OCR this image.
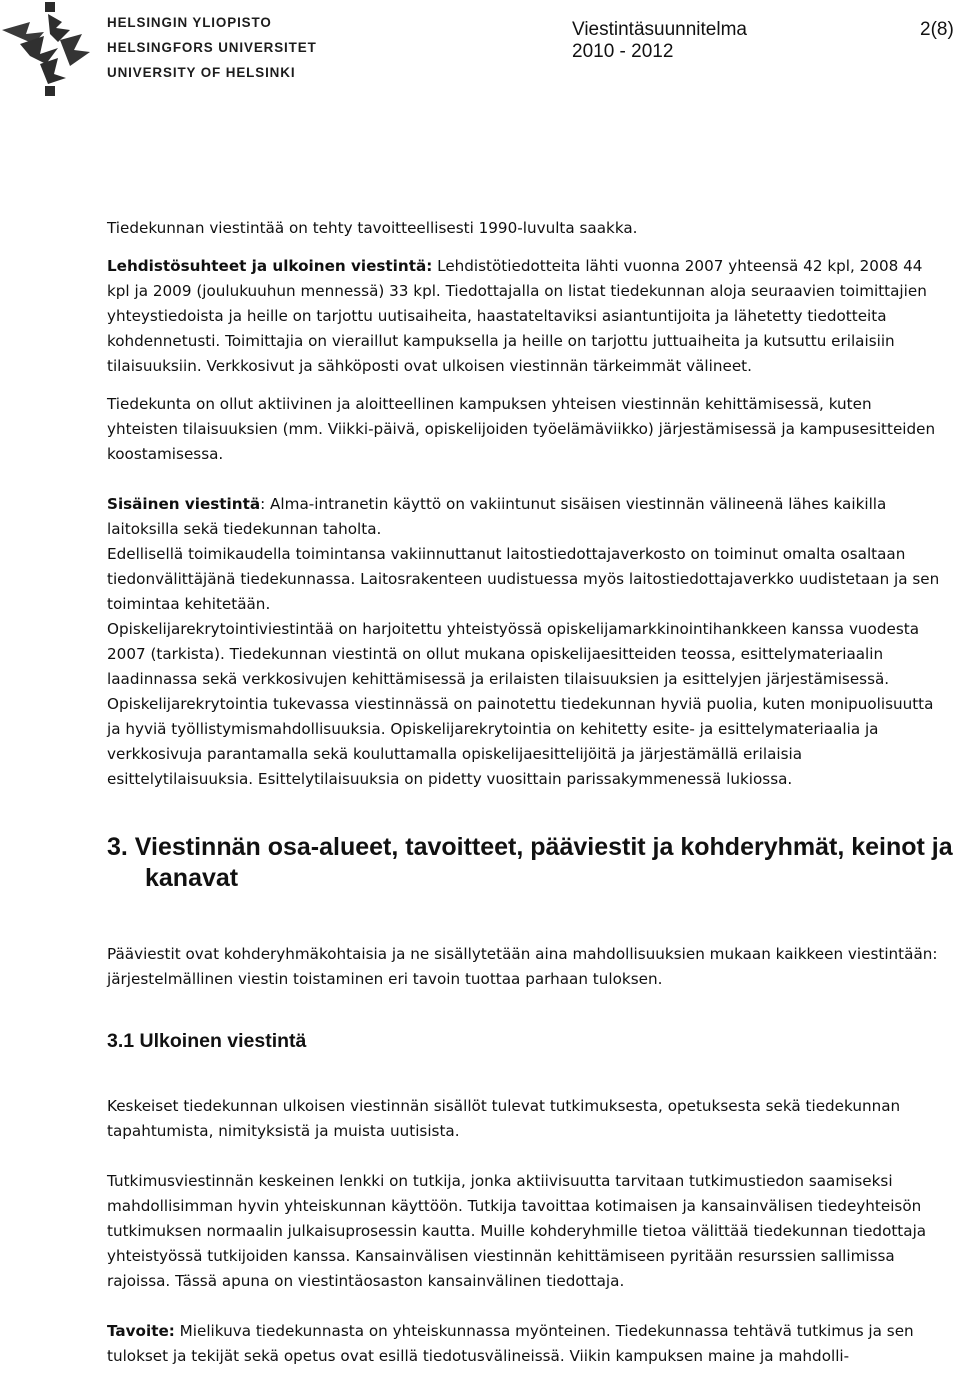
HELSINGIN YLIOPISTO
HELSINGFORS UNIVERSITET
UNIVERSITY OF HELSINKI
Viestintäsuunnitelma
2010 - 2012
2(8)

Tiedekunnan viestintää on tehty tavoitteellisesti 1990-luvulta saakka.

Lehdistösuhteet ja ulkoinen viestintä: Lehdistötiedotteita lähti vuonna 2007 yhteensä 42 kpl, 2008 44 kpl ja 2009 (joulukuuhun mennessä) 33 kpl. Tiedottajalla on listat tiedekunnan aloja seuraavien toimittajien yhteystiedoista ja heille on tarjottu uutisaiheita, haastateltaviksi asiantuntijoita ja lähetetty tiedotteita kohdennetusti. Toimittajia on vieraillut kampuksella ja heille on tarjottu juttuaiheita ja kutsuttu erilaisiin tilaisuuksiin. Verkkosivut ja sähköposti ovat ulkoisen viestinnän tärkeimmät välineet.

Tiedekunta on ollut aktiivinen ja aloitteellinen kampuksen yhteisen viestinnän kehittämisessä, kuten yhteisten tilaisuuksien (mm. Viikki-päivä, opiskelijoiden työelämäviikko) järjestämisessä ja kampusesitteiden koostamisessa.

Sisäinen viestintä: Alma-intranetin käyttö on vakiintunut sisäisen viestinnän välineenä lähes kaikilla laitoksilla sekä tiedekunnan taholta.

Edellisellä toimikaudella toimintansa vakiinnuttanut laitostiedottajaverkosto on toiminut omalta osaltaan tiedonvälittäjänä tiedekunnassa. Laitosrakenteen uudistuessa myös laitostiedottajaverkko uudistetaan ja sen toimintaa kehitetään.

Opiskelijarekrytointiviestintää on harjoitettu yhteistyössä opiskelijamarkkinointihankkeen kanssa vuodesta 2007 (tarkista). Tiedekunnan viestintä on ollut mukana opiskelijaesitteiden teossa, esittelymateriaalin laadinnassa sekä verkkosivujen kehittämisessä ja erilaisten tilaisuuksien ja esittelyjen järjestämisessä.

Opiskelijarekrytointia tukevassa viestinnässä on painotettu tiedekunnan hyviä puolia, kuten monipuolisuutta ja hyviä työllistymismahdollisuuksia. Opiskelijarekrytointia on kehitetty esite- ja esittelymateriaalia ja verkkosivuja parantamalla sekä kouluttamalla opiskelijaesittelijöitä ja järjestämällä erilaisia esittelytilaisuuksia. Esittelytilaisuuksia on pidetty vuosittain parissakymmenessä lukiossa.

3. Viestinnän osa-alueet, tavoitteet, pääviestit ja kohderyhmät, keinot ja kanavat

Pääviestit ovat kohderyhmäkohtaisia ja ne sisällytetään aina mahdollisuuksien mukaan kaikkeen viestintään: järjestelmällinen viestin toistaminen eri tavoin tuottaa parhaan tuloksen.

3.1 Ulkoinen viestintä

Keskeiset tiedekunnan ulkoisen viestinnän sisällöt tulevat tutkimuksesta, opetuksesta sekä tiedekunnan tapahtumista, nimityksistä ja muista uutisista.

Tutkimusviestinnän keskeinen lenkki on tutkija, jonka aktiivisuutta tarvitaan tutkimustiedon saamiseksi mahdollisimman hyvin yhteiskunnan käyttöön. Tutkija tavoittaa kotimaisen ja kansainvälisen tiedeyhteisön tutkimuksen normaalin julkaisuprosessin kautta. Muille kohderyhmille tietoa välittää tiedekunnan tiedottaja yhteistyössä tutkijoiden kanssa. Kansainvälisen viestinnän kehittämiseen pyritään resurssien sallimissa rajoissa. Tässä apuna on viestintäosaston kansainvälinen tiedottaja.

Tavoite: Mielikuva tiedekunnasta on yhteiskunnassa myönteinen. Tiedekunnassa tehtävä tutkimus ja sen tulokset ja tekijät sekä opetus ovat esillä tiedotusvälineissä. Viikin kampuksen maine ja mahdolli-
